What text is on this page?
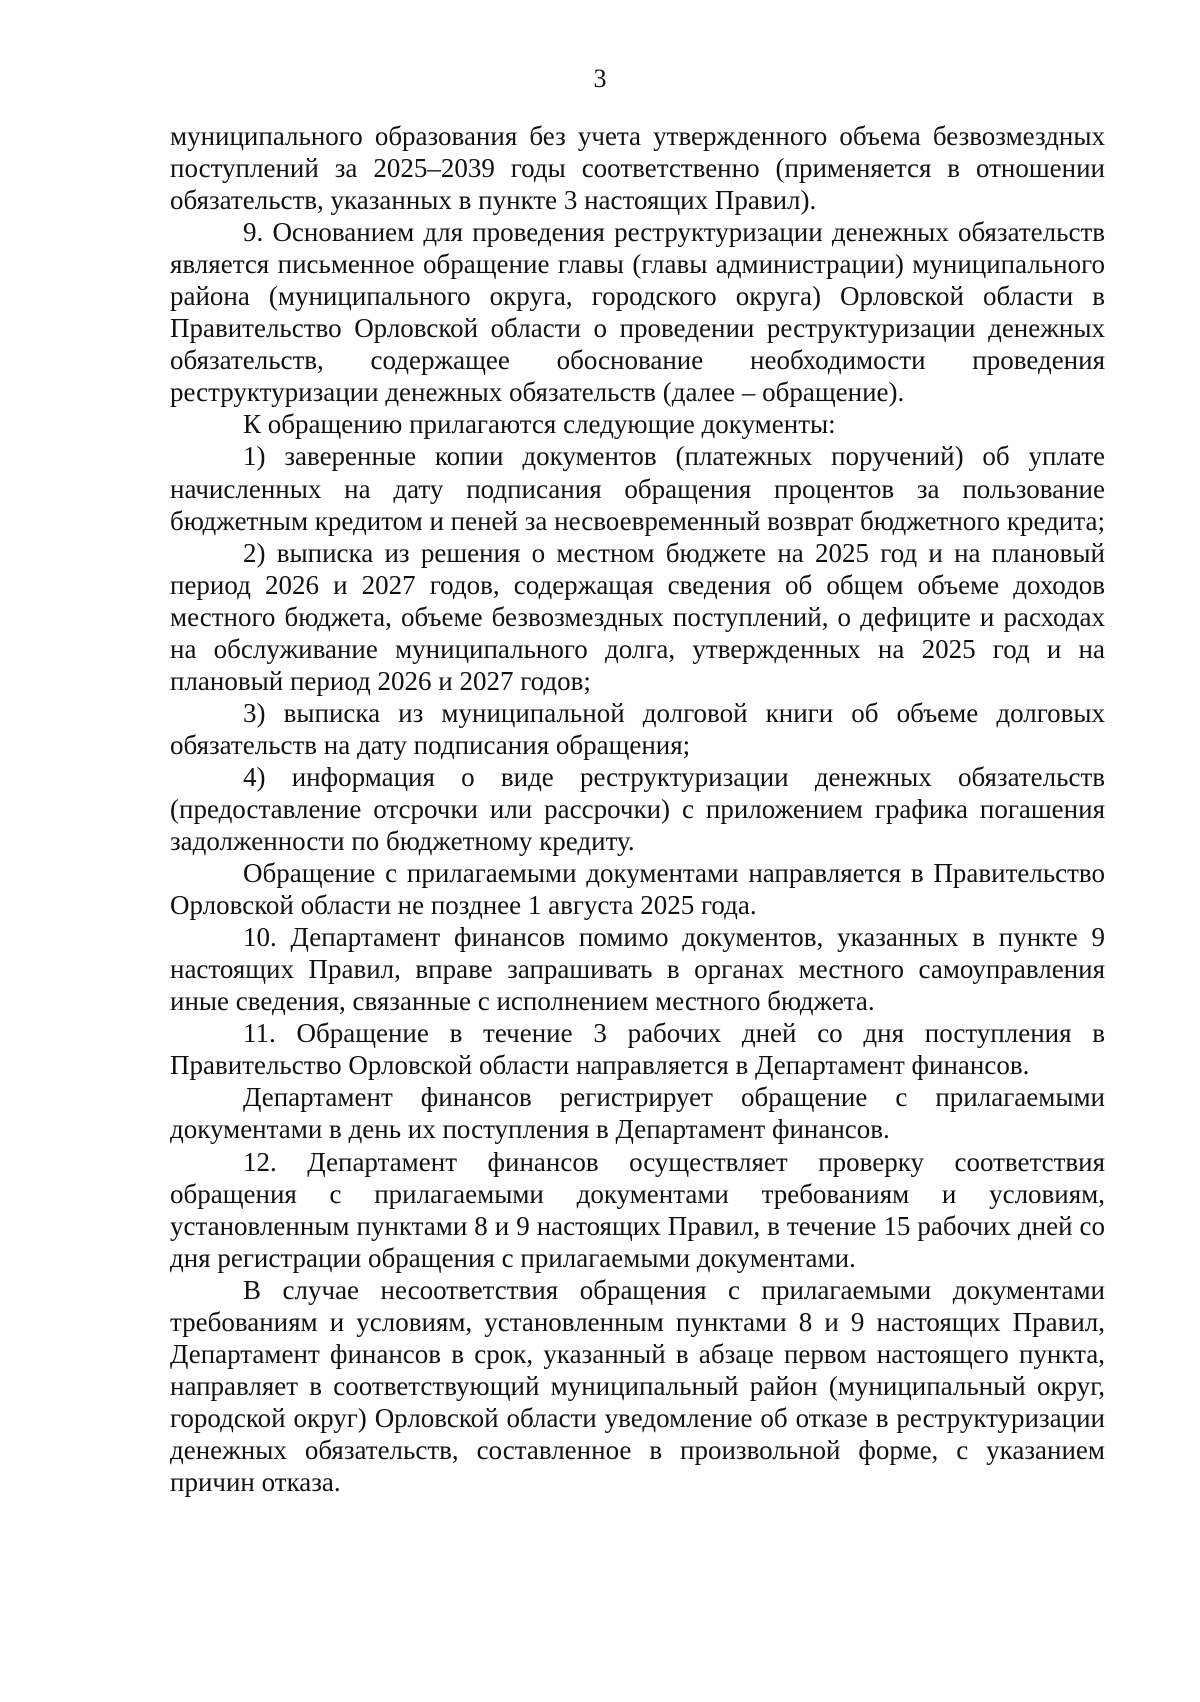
3

муниципального образования без учета утвержденного объема безвозмездных поступлений за 2025–2039 годы соответственно (применяется в отношении обязательств, указанных в пункте 3 настоящих Правил).

9. Основанием для проведения реструктуризации денежных обязательств является письменное обращение главы (главы администрации) муниципального района (муниципального округа, городского округа) Орловской области в Правительство Орловской области о проведении реструктуризации денежных обязательств, содержащее обоснование необходимости проведения реструктуризации денежных обязательств (далее – обращение).

К обращению прилагаются следующие документы:

1) заверенные копии документов (платежных поручений) об уплате начисленных на дату подписания обращения процентов за пользование бюджетным кредитом и пеней за несвоевременный возврат бюджетного кредита;

2) выписка из решения о местном бюджете на 2025 год и на плановый период 2026 и 2027 годов, содержащая сведения об общем объеме доходов местного бюджета, объеме безвозмездных поступлений, о дефиците и расходах на обслуживание муниципального долга, утвержденных на 2025 год и на плановый период 2026 и 2027 годов;

3) выписка из муниципальной долговой книги об объеме долговых обязательств на дату подписания обращения;

4) информация о виде реструктуризации денежных обязательств (предоставление отсрочки или рассрочки) с приложением графика погашения задолженности по бюджетному кредиту.

Обращение с прилагаемыми документами направляется в Правительство Орловской области не позднее 1 августа 2025 года.

10. Департамент финансов помимо документов, указанных в пункте 9 настоящих Правил, вправе запрашивать в органах местного самоуправления иные сведения, связанные с исполнением местного бюджета.

11. Обращение в течение 3 рабочих дней со дня поступления в Правительство Орловской области направляется в Департамент финансов.

Департамент финансов регистрирует обращение с прилагаемыми документами в день их поступления в Департамент финансов.

12. Департамент финансов осуществляет проверку соответствия обращения с прилагаемыми документами требованиям и условиям, установленным пунктами 8 и 9 настоящих Правил, в течение 15 рабочих дней со дня регистрации обращения с прилагаемыми документами.

В случае несоответствия обращения с прилагаемыми документами требованиям и условиям, установленным пунктами 8 и 9 настоящих Правил, Департамент финансов в срок, указанный в абзаце первом настоящего пункта, направляет в соответствующий муниципальный район (муниципальный округ, городской округ) Орловской области уведомление об отказе в реструктуризации денежных обязательств, составленное в произвольной форме, с указанием причин отказа.
